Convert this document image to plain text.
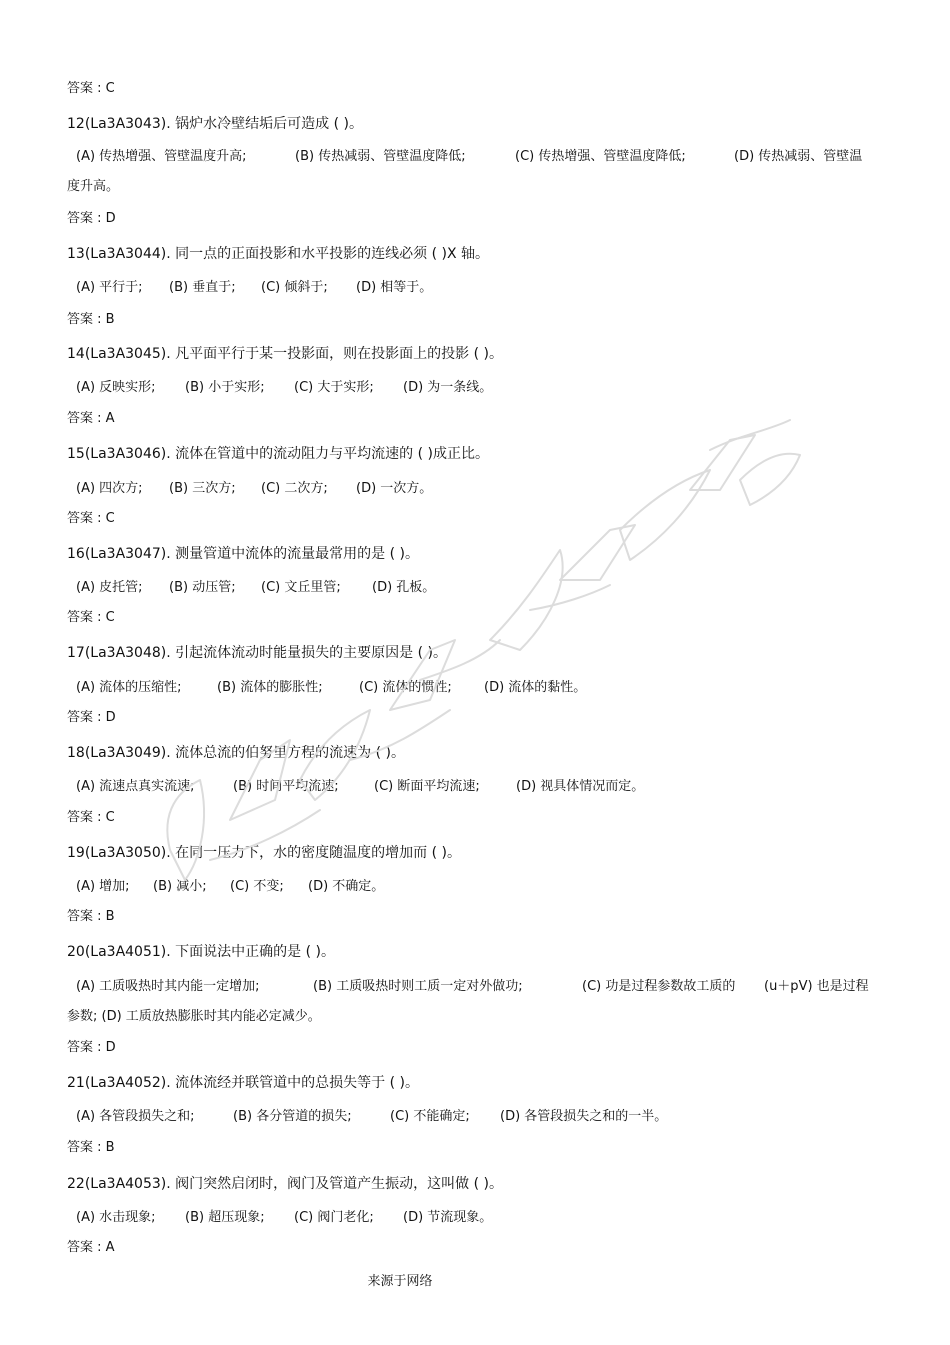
答案 : C
12(La3A3043). 锅炉水冷壁结垢后可造成 ( )。
(A) 传热增强、管壁温度升高;	(B) 传热减弱、管壁温度降低;	(C) 传热增强、管壁温度降低;	(D) 传热减弱、管壁温
度升高。
答案 : D
13(La3A3044). 同一点的正面投影和水平投影的连线必须 ( )X 轴。
(A) 平行于; (B) 垂直于; (C) 倾斜于; (D) 相等于。
答案 : B
14(La3A3045). 凡平面平行于某一投影面，则在投影面上的投影 ( )。
(A) 反映实形; (B) 小于实形; (C) 大于实形; (D) 为一条线。
答案 : A
15(La3A3046). 流体在管道中的流动阻力与平均流速的 ( )成正比。
(A) 四次方; (B) 三次方; (C) 二次方; (D) 一次方。
答案 : C
16(La3A3047). 测量管道中流体的流量最常用的是 ( )。
(A) 皮托管; (B) 动压管; (C) 文丘里管; (D) 孔板。
答案 : C
17(La3A3048). 引起流体流动时能量损失的主要原因是 ( )。
(A) 流体的压缩性;	(B) 流体的膨胀性;	(C) 流体的惯性; (D) 流体的黏性。
答案 : D
18(La3A3049). 流体总流的伯努里方程的流速为 ( )。
(A) 流速点真实流速;	(B) 时间平均流速;	(C) 断面平均流速;	(D) 视具体情况而定。
答案 : C
19(La3A3050). 在同一压力下，水的密度随温度的增加而 ( )。
(A) 增加; (B) 减小; (C) 不变; (D) 不确定。
答案 : B
20(La3A4051). 下面说法中正确的是 ( )。
(A) 工质吸热时其内能一定增加;	(B) 工质吸热时则工质一定对外做功;	(C) 功是过程参数故工质的 (u＋pV) 也是过程
参数; (D) 工质放热膨胀时其内能必定减少。
答案 : D
21(La3A4052). 流体流经并联管道中的总损失等于 ( )。
(A) 各管段损失之和;	(B) 各分管道的损失;	(C) 不能确定; (D) 各管段损失之和的一半。
答案 : B
22(La3A4053). 阀门突然启闭时，阀门及管道产生振动，这叫做 ( )。
(A) 水击现象; (B) 超压现象; (C) 阀门老化; (D) 节流现象。
答案 : A
来源于网络
